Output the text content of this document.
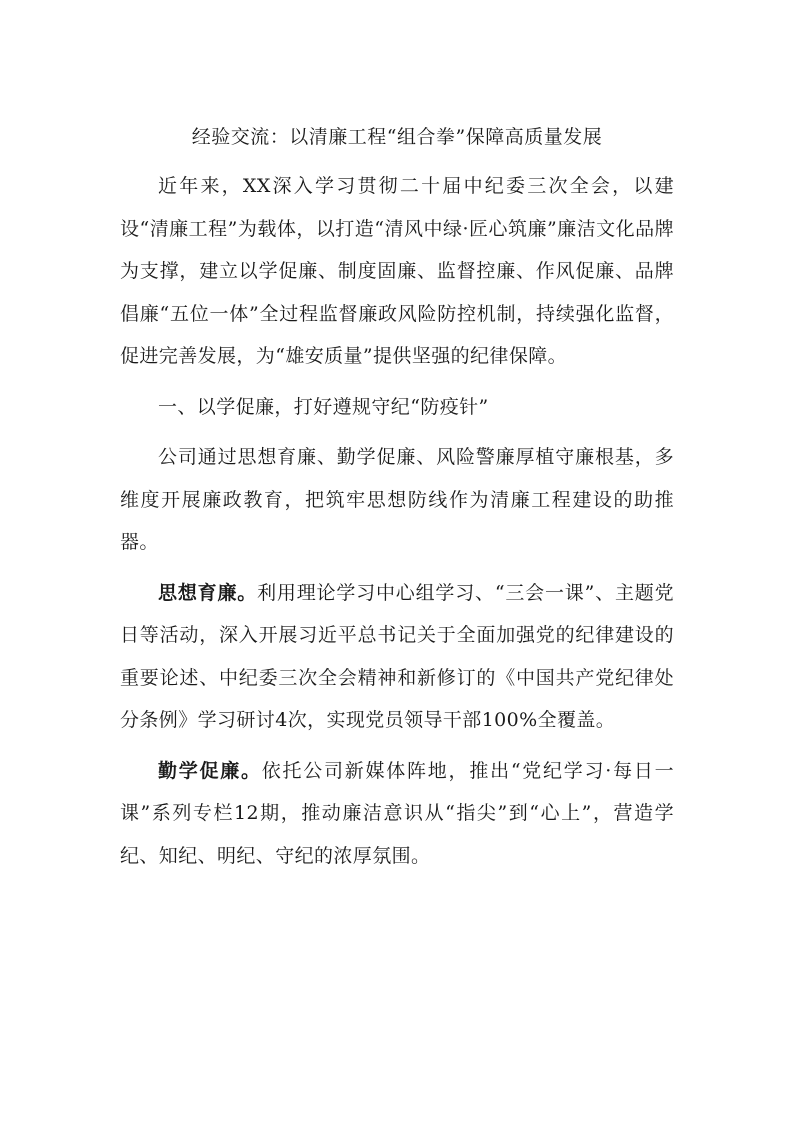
经验交流：以清廉工程“组合拳”保障高质量发展

近年来，XX深入学习贯彻二十届中纪委三次全会，以建设“清廉工程”为载体，以打造“清风中绿·匠心筑廉”廉洁文化品牌为支撑，建立以学促廉、制度固廉、监督控廉、作风促廉、品牌倡廉“五位一体”全过程监督廉政风险防控机制，持续强化监督，促进完善发展，为“雄安质量”提供坚强的纪律保障。

一、以学促廉，打好遵规守纪“防疫针”

公司通过思想育廉、勤学促廉、风险警廉厚植守廉根基，多维度开展廉政教育，把筑牢思想防线作为清廉工程建设的助推器。

思想育廉。利用理论学习中心组学习、“三会一课”、主题党日等活动，深入开展习近平总书记关于全面加强党的纪律建设的重要论述、中纪委三次全会精神和新修订的《中国共产党纪律处分条例》学习研讨4次，实现党员领导干部100%全覆盖。

勤学促廉。依托公司新媒体阵地，推出“党纪学习·每日一课”系列专栏12期，推动廉洁意识从“指尖”到“心上”，营造学纪、知纪、明纪、守纪的浓厚氛围。
